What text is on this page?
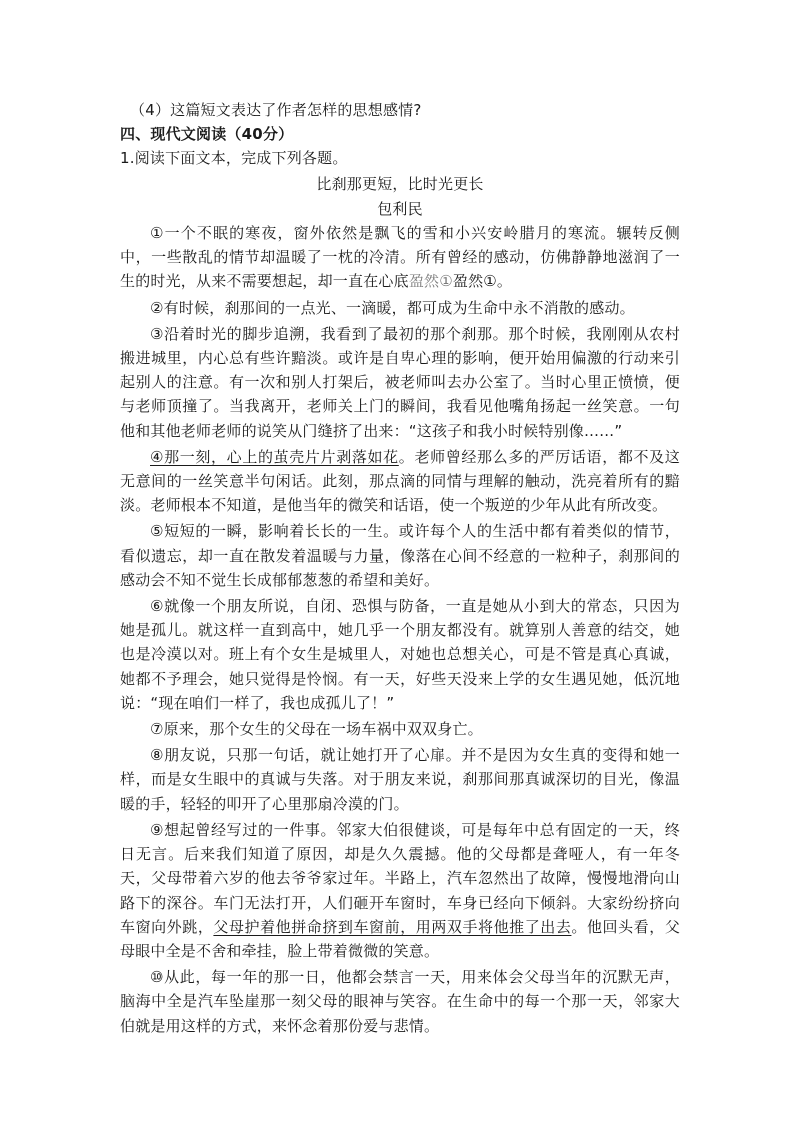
（4）这篇短文表达了作者怎样的思想感情?

四、现代文阅读（40分）

1.阅读下面文本，完成下列各题。

比刹那更短，比时光更长

包利民

①一个不眠的寒夜，窗外依然是飘飞的雪和小兴安岭腊月的寒流。辗转反侧中，一些散乱的情节却温暖了一枕的冷清。所有曾经的感动，仿佛静静地滋润了一生的时光，从来不需要想起，却一直在心底盈然①盈然①。

②有时候，刹那间的一点光、一滴暖，都可成为生命中永不消散的感动。

③沿着时光的脚步追溯，我看到了最初的那个刹那。那个时候，我刚刚从农村搬进城里，内心总有些许黯淡。或许是自卑心理的影响，便开始用偏激的行动来引起别人的注意。有一次和别人打架后，被老师叫去办公室了。当时心里正愤愤，便与老师顶撞了。当我离开，老师关上门的瞬间，我看见他嘴角扬起一丝笑意。一句他和其他老师老师的说笑从门缝挤了出来：“这孩子和我小时候特别像……”

④那一刻，心上的茧壳片片剥落如花。老师曾经那么多的严厉话语，都不及这无意间的一丝笑意半句闲话。此刻，那点滴的同情与理解的触动，洗亮着所有的黯淡。老师根本不知道，是他当年的微笑和话语，使一个叛逆的少年从此有所改变。

⑤短短的一瞬，影响着长长的一生。或许每个人的生活中都有着类似的情节，看似遗忘，却一直在散发着温暖与力量，像落在心间不经意的一粒种子，刹那间的感动会不知不觉生长成郁郁葱葱的希望和美好。

⑥就像一个朋友所说，自闭、恐惧与防备，一直是她从小到大的常态，只因为她是孤儿。就这样一直到高中，她几乎一个朋友都没有。就算别人善意的结交，她也是冷漠以对。班上有个女生是城里人，对她也总想关心，可是不管是真心真诚，她都不予理会，她只觉得是怜悯。有一天，好些天没来上学的女生遇见她，低沉地说：“现在咱们一样了，我也成孤儿了！”

⑦原来，那个女生的父母在一场车祸中双双身亡。

⑧朋友说，只那一句话，就让她打开了心扉。并不是因为女生真的变得和她一样，而是女生眼中的真诚与失落。对于朋友来说，刹那间那真诚深切的目光，像温暖的手，轻轻的叩开了心里那扇冷漠的门。

⑨想起曾经写过的一件事。邻家大伯很健谈，可是每年中总有固定的一天，终日无言。后来我们知道了原因，却是久久震撼。他的父母都是聋哑人，有一年冬天，父母带着六岁的他去爷爷家过年。半路上，汽车忽然出了故障，慢慢地滑向山路下的深谷。车门无法打开，人们砸开车窗时，车身已经向下倾斜。大家纷纷挤向车窗向外跳，父母护着他拼命挤到车窗前，用两双手将他推了出去。他回头看，父母眼中全是不舍和牵挂，脸上带着微微的笑意。

⑩从此，每一年的那一日，他都会禁言一天，用来体会父母当年的沉默无声，脑海中全是汽车坠崖那一刻父母的眼神与笑容。在生命中的每一个那一天，邻家大伯就是用这样的方式，来怀念着那份爱与悲情。
